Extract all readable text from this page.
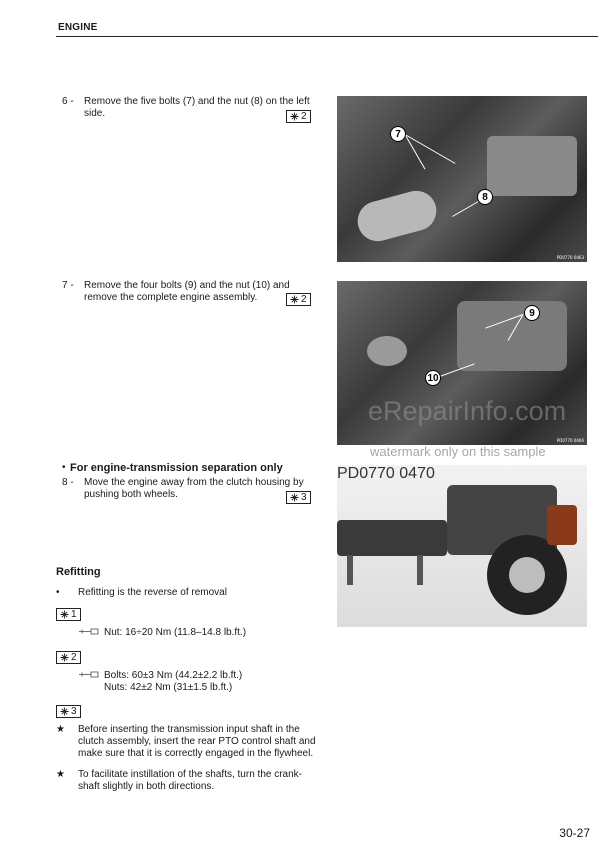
ENGINE
6 -	Remove the five bolts (7) and the nut (8) on the left side.	2
7
8
PD0770 0463
7 -	Remove the four bolts (9) and the nut (10) and remove the complete engine assembly.	2
9
10
PD0770 0466
eRepairInfo.com
watermark only on this sample
• For engine-transmission separation only
8 -	Move the engine away from the clutch housing by pushing both wheels.	3
PD0770 0470
Refitting
•	Refitting is the reverse of removal
1
Nut: 16÷20 Nm (11.8–14.8 lb.ft.)
2
Bolts: 60±3 Nm (44.2±2.2 lb.ft.)
Nuts: 42±2 Nm (31±1.5 lb.ft.)
3
★	Before inserting the transmission input shaft in the clutch assembly, insert the rear PTO control shaft and make sure that it is correctly engaged in the flywheel.
★	To facilitate instillation of the shafts, turn the crank-shaft slightly in both directions.
30-27
